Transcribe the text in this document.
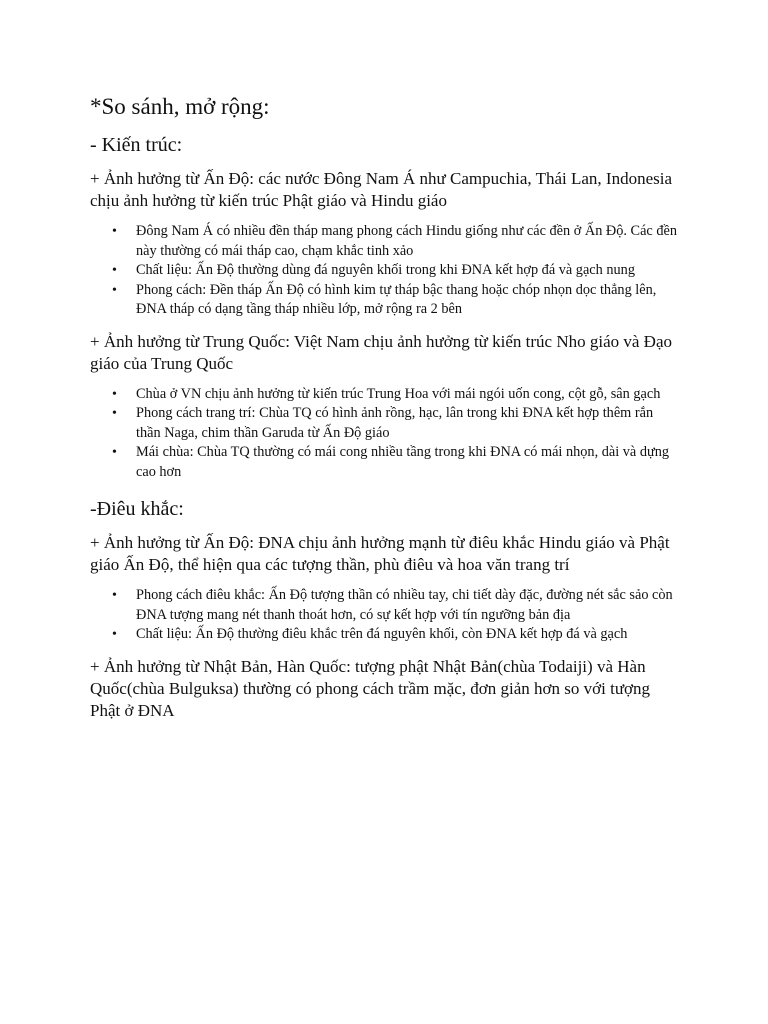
*So sánh, mở rộng:
- Kiến trúc:

+ Ảnh hưởng từ Ấn Độ: các nước Đông Nam Á như Campuchia, Thái Lan, Indonesia chịu ảnh hưởng từ kiến trúc Phật giáo và Hindu giáo

• Đông Nam Á có nhiều đền tháp mang phong cách Hindu giống như các đền ở Ấn Độ. Các đền này thường có mái tháp cao, chạm khắc tinh xảo
• Chất liệu: Ấn Độ thường dùng đá nguyên khối trong khi ĐNA kết hợp đá và gạch nung
• Phong cách: Đền tháp Ấn Độ có hình kim tự tháp bậc thang hoặc chóp nhọn dọc thẳng lên, ĐNA tháp có dạng tầng tháp nhiều lớp, mở rộng ra 2 bên

+ Ảnh hưởng từ Trung Quốc: Việt Nam chịu ảnh hưởng từ kiến trúc Nho giáo và Đạo giáo của Trung Quốc

• Chùa ở VN chịu ảnh hưởng từ kiến trúc Trung Hoa với mái ngói uốn cong, cột gỗ, sân gạch
• Phong cách trang trí: Chùa TQ có hình ảnh rồng, hạc, lân trong khi ĐNA kết hợp thêm rắn thần Naga, chim thần Garuda từ Ấn Độ giáo
• Mái chùa: Chùa TQ thường có mái cong nhiều tầng trong khi ĐNA có mái nhọn, dài và dựng cao hơn
-Điêu khắc:

+ Ảnh hưởng từ Ấn Độ: ĐNA chịu ảnh hưởng mạnh từ điêu khắc Hindu giáo và Phật giáo Ấn Độ, thể hiện qua các tượng thần, phù điêu và hoa văn trang trí

• Phong cách điêu khắc: Ấn Độ tượng thần có nhiều tay, chi tiết dày đặc, đường nét sắc sảo còn ĐNA tượng mang nét thanh thoát hơn, có sự kết hợp với tín ngưỡng bản địa
• Chất liệu: Ấn Độ thường điêu khắc trên đá nguyên khối, còn ĐNA kết hợp đá và gạch

+ Ảnh hưởng từ Nhật Bản, Hàn Quốc: tượng phật Nhật Bản(chùa Todaiji) và Hàn Quốc(chùa Bulguksa) thường có phong cách trầm mặc, đơn giản hơn so với tượng Phật ở ĐNA
